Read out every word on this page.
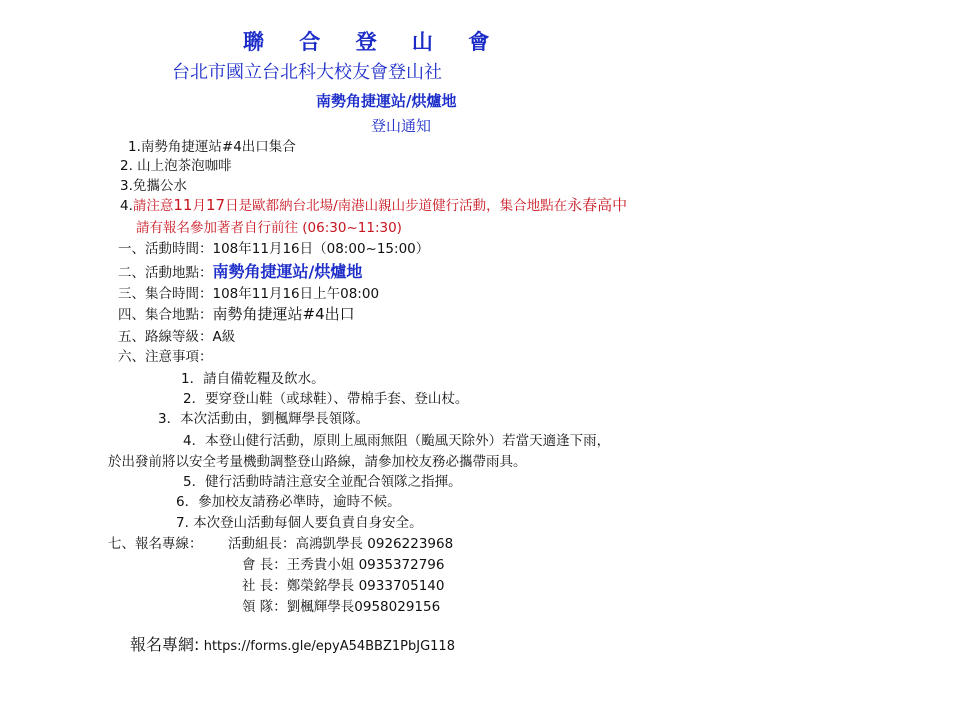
聯 合 登 山 會
台北市國立台北科大校友會登山社
南勢角捷運站/烘爐地
登山通知
1.南勢角捷運站#4出口集合
2. 山上泡茶泡咖啡
3.免攜公水
4.請注意11月17日是歐都納台北場/南港山親山步道健行活動，集合地點在永春高中
請有報名參加著者自行前往 (06:30~11:30)
一、活動時間：108年11月16日（08:00~15:00）
二、活動地點：南勢角捷運站/烘爐地
三、集合時間：108年11月16日上午08:00
四、集合地點：南勢角捷運站#4出口
五、路線等級：A級
六、注意事項：
1．請自備乾糧及飲水。
2．要穿登山鞋（或球鞋）、帶棉手套、登山杖。
3．本次活動由，劉楓輝學長領隊。
4．本登山健行活動，原則上風雨無阻（颱風天除外）若當天適逢下雨，
於出發前將以安全考量機動調整登山路線，請參加校友務必攜帶雨具。
5．健行活動時請注意安全並配合領隊之指揮。
6．參加校友請務必準時，逾時不候。
7. 本次登山活動每個人要負責自身安全。
七、報名專線： 活動組長：高鴻凱學長 0926223968
會 長：王秀貴小姐 0935372796
社 長：鄭榮銘學長 0933705140
領 隊：劉楓輝學長0958029156
報名專網: https://forms.gle/epyA54BBZ1PbJG118
